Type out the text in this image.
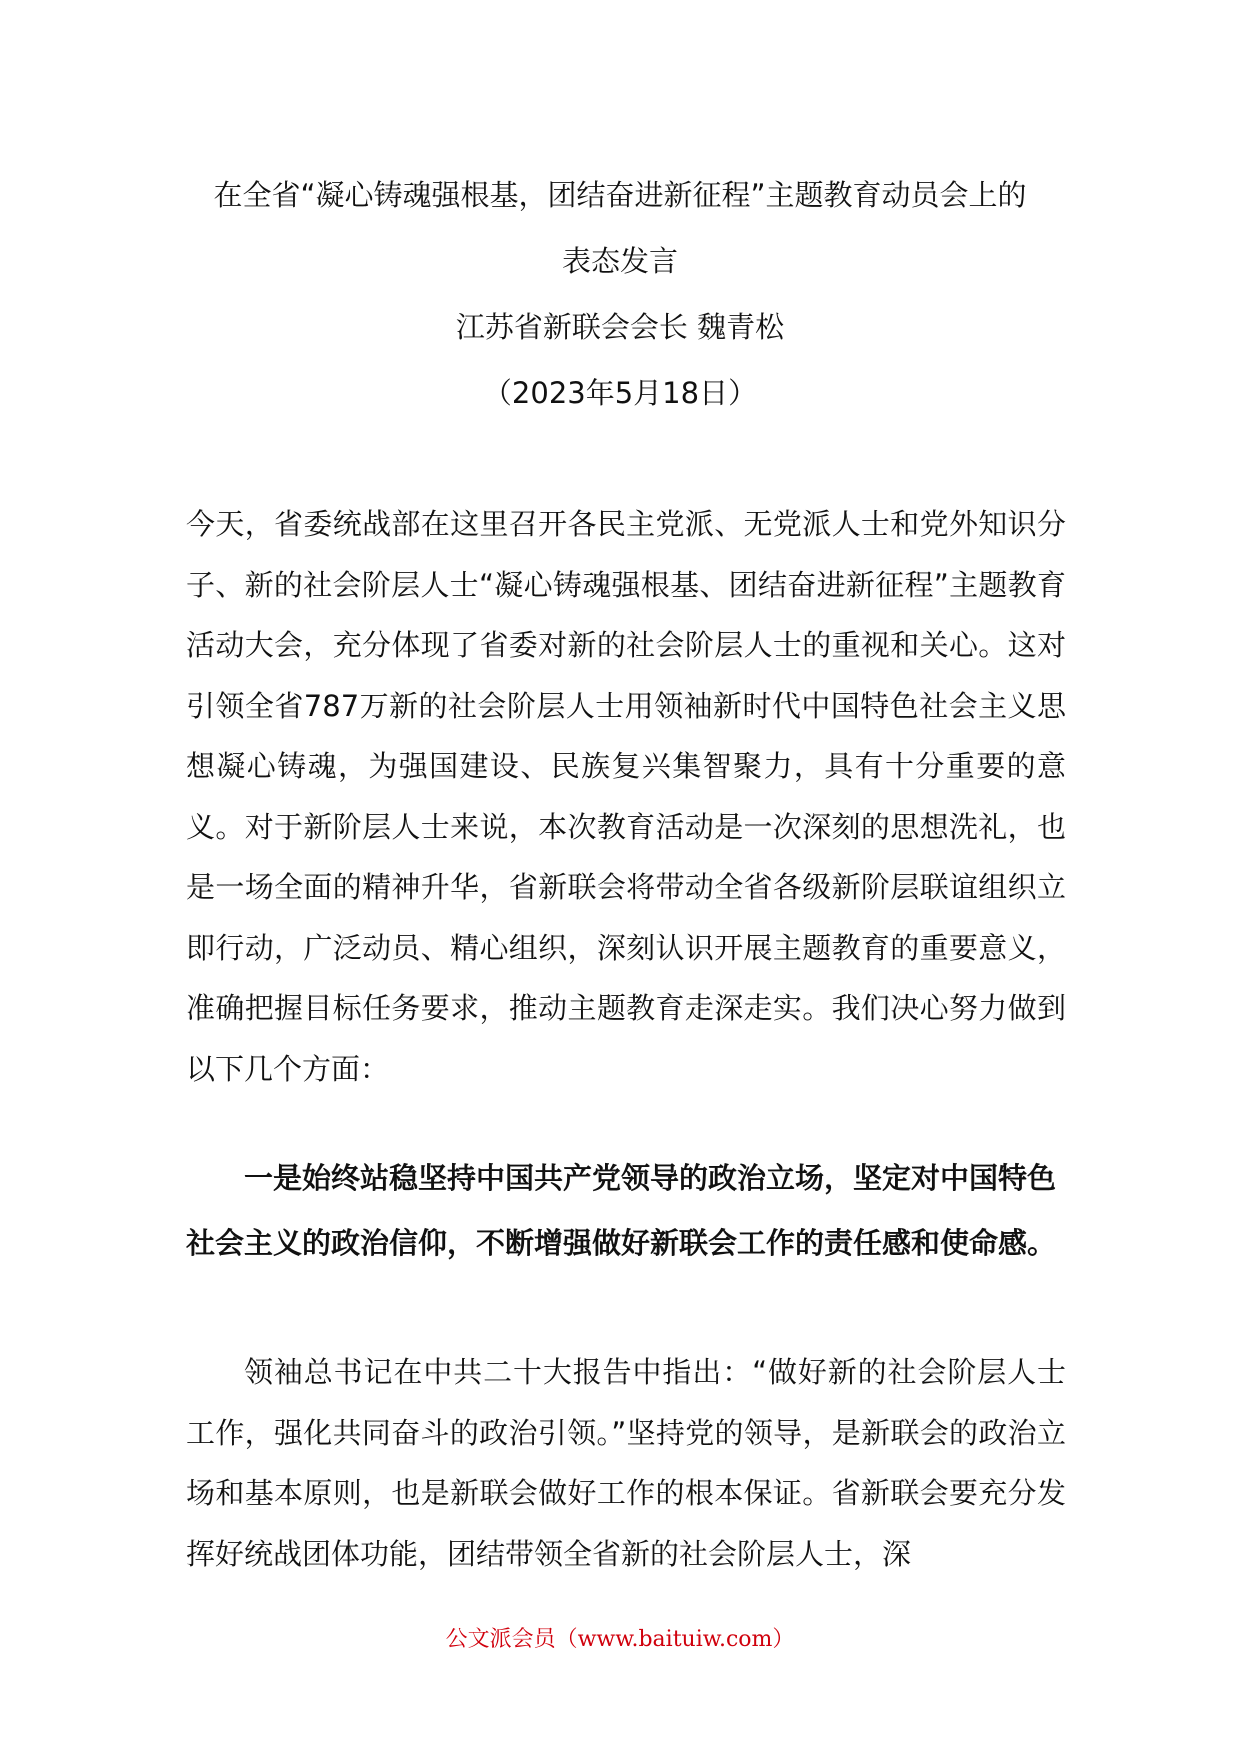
在全省“凝心铸魂强根基，团结奋进新征程”主题教育动员会上的
表态发言
江苏省新联会会长 魏青松
（2023年5月18日）
今天，省委统战部在这里召开各民主党派、无党派人士和党外知识分子、新的社会阶层人士“凝心铸魂强根基、团结奋进新征程”主题教育活动大会，充分体现了省委对新的社会阶层人士的重视和关心。这对引领全省787万新的社会阶层人士用领袖新时代中国特色社会主义思想凝心铸魂，为强国建设、民族复兴集智聚力，具有十分重要的意义。对于新阶层人士来说，本次教育活动是一次深刻的思想洗礼，也是一场全面的精神升华，省新联会将带动全省各级新阶层联谊组织立即行动，广泛动员、精心组织，深刻认识开展主题教育的重要意义，准确把握目标任务要求，推动主题教育走深走实。我们决心努力做到以下几个方面：
一是始终站稳坚持中国共产党领导的政治立场，坚定对中国特色社会主义的政治信仰，不断增强做好新联会工作的责任感和使命感。
领袖总书记在中共二十大报告中指出：“做好新的社会阶层人士工作，强化共同奋斗的政治引领。”坚持党的领导，是新联会的政治立场和基本原则，也是新联会做好工作的根本保证。省新联会要充分发挥好统战团体功能，团结带领全省新的社会阶层人士，深
公文派会员（www.baituiw.com）
